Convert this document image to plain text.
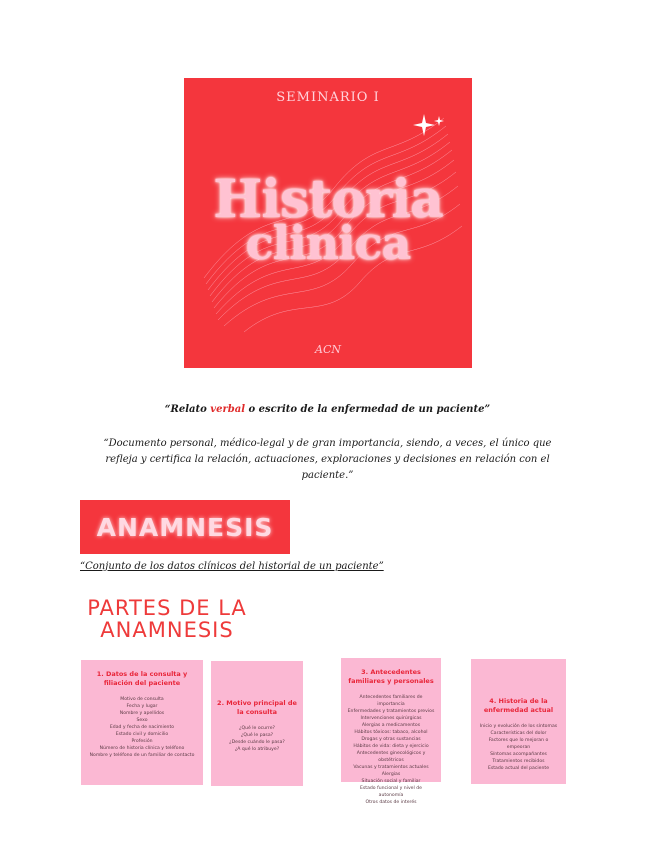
SEMINARIO I
Historia
clinica
ACN
“Relato verbal o escrito de la enfermedad de un paciente”
“Documento personal, médico-legal y de gran importancia, siendo, a veces, el único que refleja y certifica la relación, actuaciones, exploraciones y decisiones en relación con el paciente.”
ANAMNESIS
“Conjunto de los datos clínicos del historial de un paciente”
PARTES DE LA
ANAMNESIS
1. Datos de la consulta y filiación del paciente
Motivo de consulta
Fecha y lugar
Nombre y apellidos
Sexo
Edad y fecha de nacimiento
Estado civil y domicilio
Profesión
Número de historia clínica y teléfono
Nombre y teléfono de un familiar de contacto
2. Motivo principal de la consulta
¿Qué le ocurre?
¿Qué le pasa?
¿Desde cuándo le pasa?
¿A qué lo atribuye?
3. Antecedentes familiares y personales
Antecedentes familiares de importancia
Enfermedades y tratamientos previos
Intervenciones quirúrgicas
Alergias a medicamentos
Hábitos tóxicos: tabaco, alcohol
Drogas y otras sustancias
Hábitos de vida: dieta y ejercicio
Antecedentes ginecológicos y obstétricos
Vacunas y tratamientos actuales
Alergias
Situación social y familiar
Estado funcional y nivel de autonomía
Otros datos de interés
4. Historia de la enfermedad actual
Inicio y evolución de los síntomas
Características del dolor
Factores que lo mejoran o empeoran
Síntomas acompañantes
Tratamientos recibidos
Estado actual del paciente
